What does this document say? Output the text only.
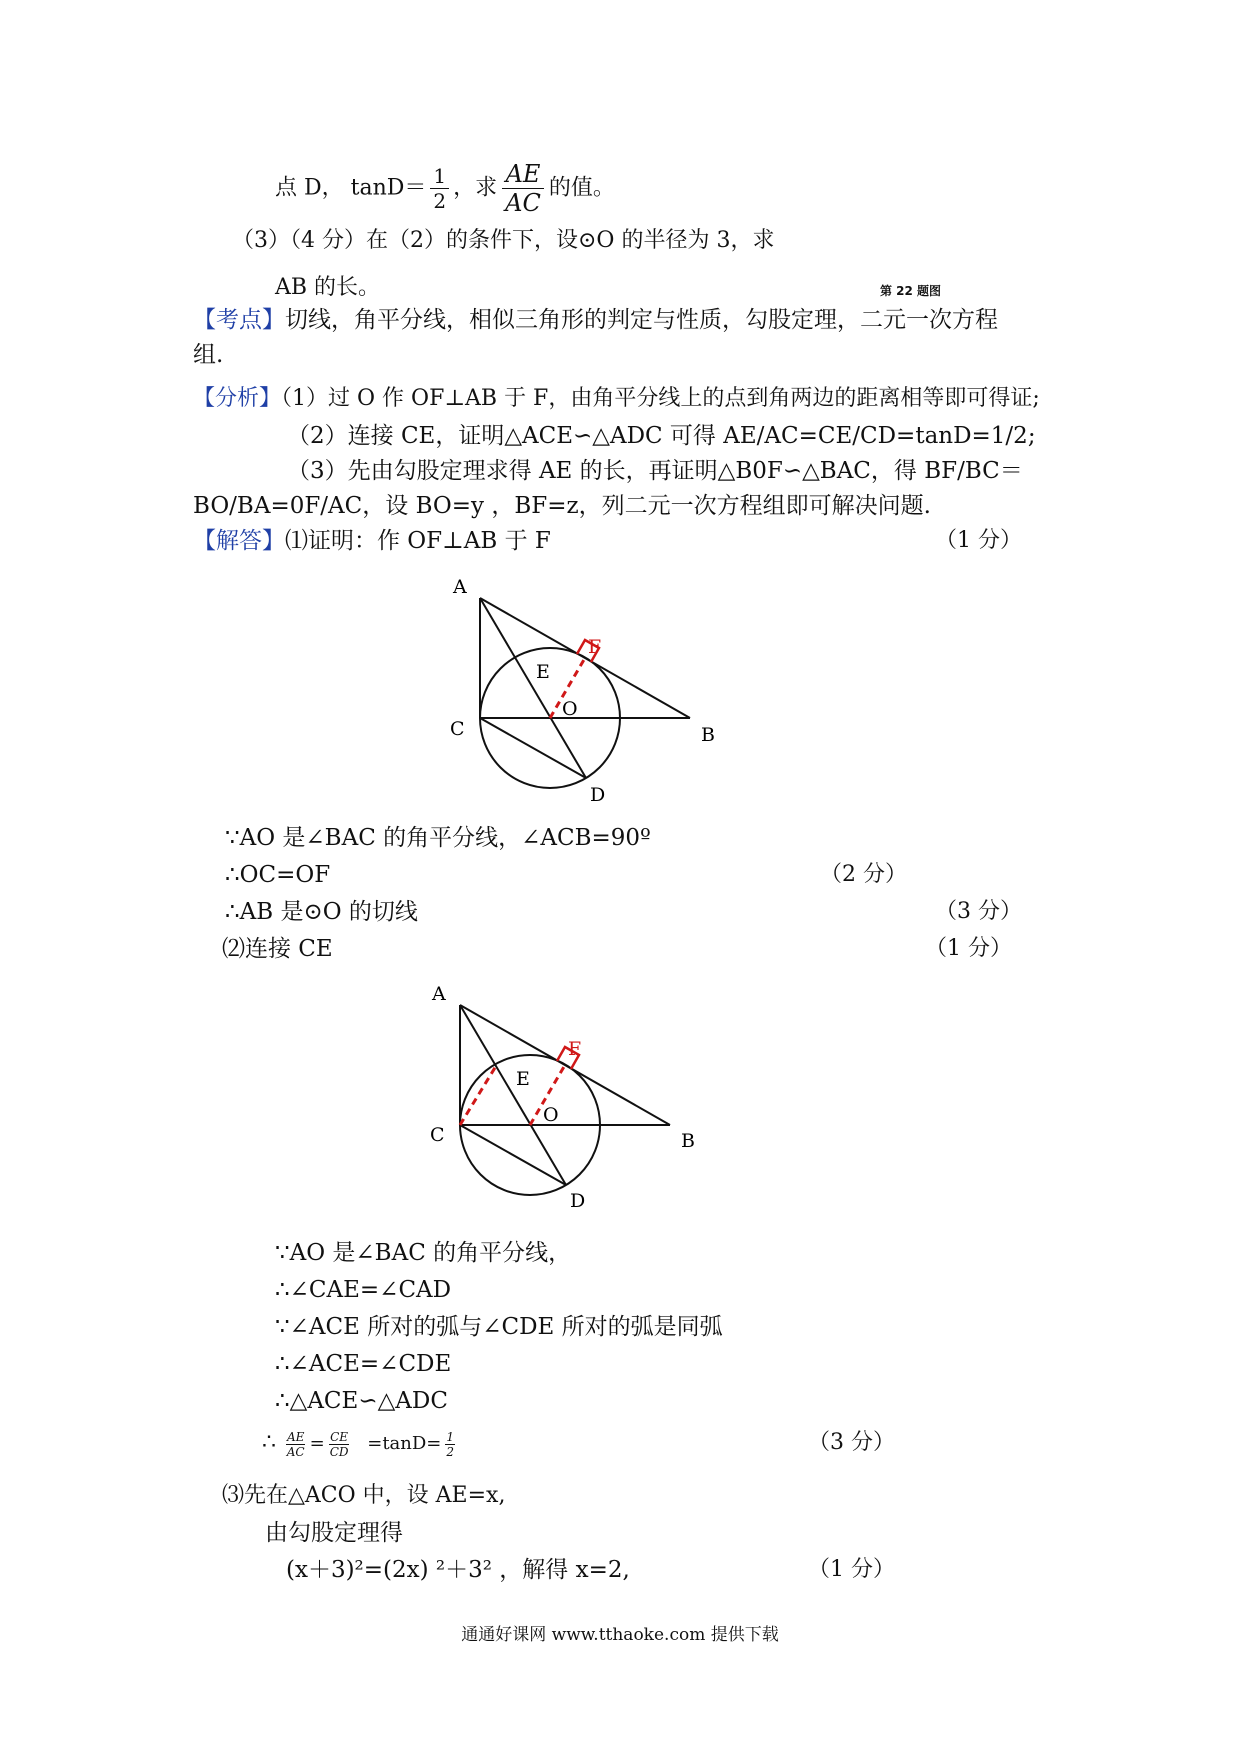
点 D， $\tan D= \frac{1}{2}$ ，求 $\frac{AE}{AC}$ 的值。
（3）（4 分）在（2）的条件下，设⊙O 的半径为 3，求
AB 的长。	第 22 题图
【考点】切线，角平分线，相似三角形的判定与性质，勾股定理，二元一次方程
组.
【分析】（1）过 O 作 OF⊥AB 于 F，由角平分线上的点到角两边的距离相等即可得证;
（2）连接 CE，证明△ACE∽△ADC 可得 AE/AC=CE/CD=tanD=1/2;
（3）先由勾股定理求得 AE 的长，再证明△B0F∽△BAC，得 BF/BC＝
BO/BA=0F/AC，设 BO=y ，BF=z，列二元一次方程组即可解决问题.
【解答】⑴证明：作 OF⊥AB 于 F	（1 分）
A
F
E
O
C	B
D
∵AO 是∠BAC 的角平分线，∠ACB=90º
∴OC=OF	（2 分）
∴AB 是⊙O 的切线	（3 分）
⑵连接 CE	（1 分）
A
F
E
O
C	B
D
∵AO 是∠BAC 的角平分线，
∴∠CAE=∠CAD
∵∠ACE 所对的弧与∠CDE 所对的弧是同弧
∴∠ACE=∠CDE
∴△ACE∽△ADC
∴ $\frac{AE}{AC} = \frac{CE}{CD} =\tan D= \frac{1}{2}$	（3 分）
⑶先在△ACO 中，设 AE=x,
由勾股定理得
(x＋3)²=(2x) ²＋3² ，解得 x=2,	（1 分）
通通好课网 www.tthaoke.com 提供下载
